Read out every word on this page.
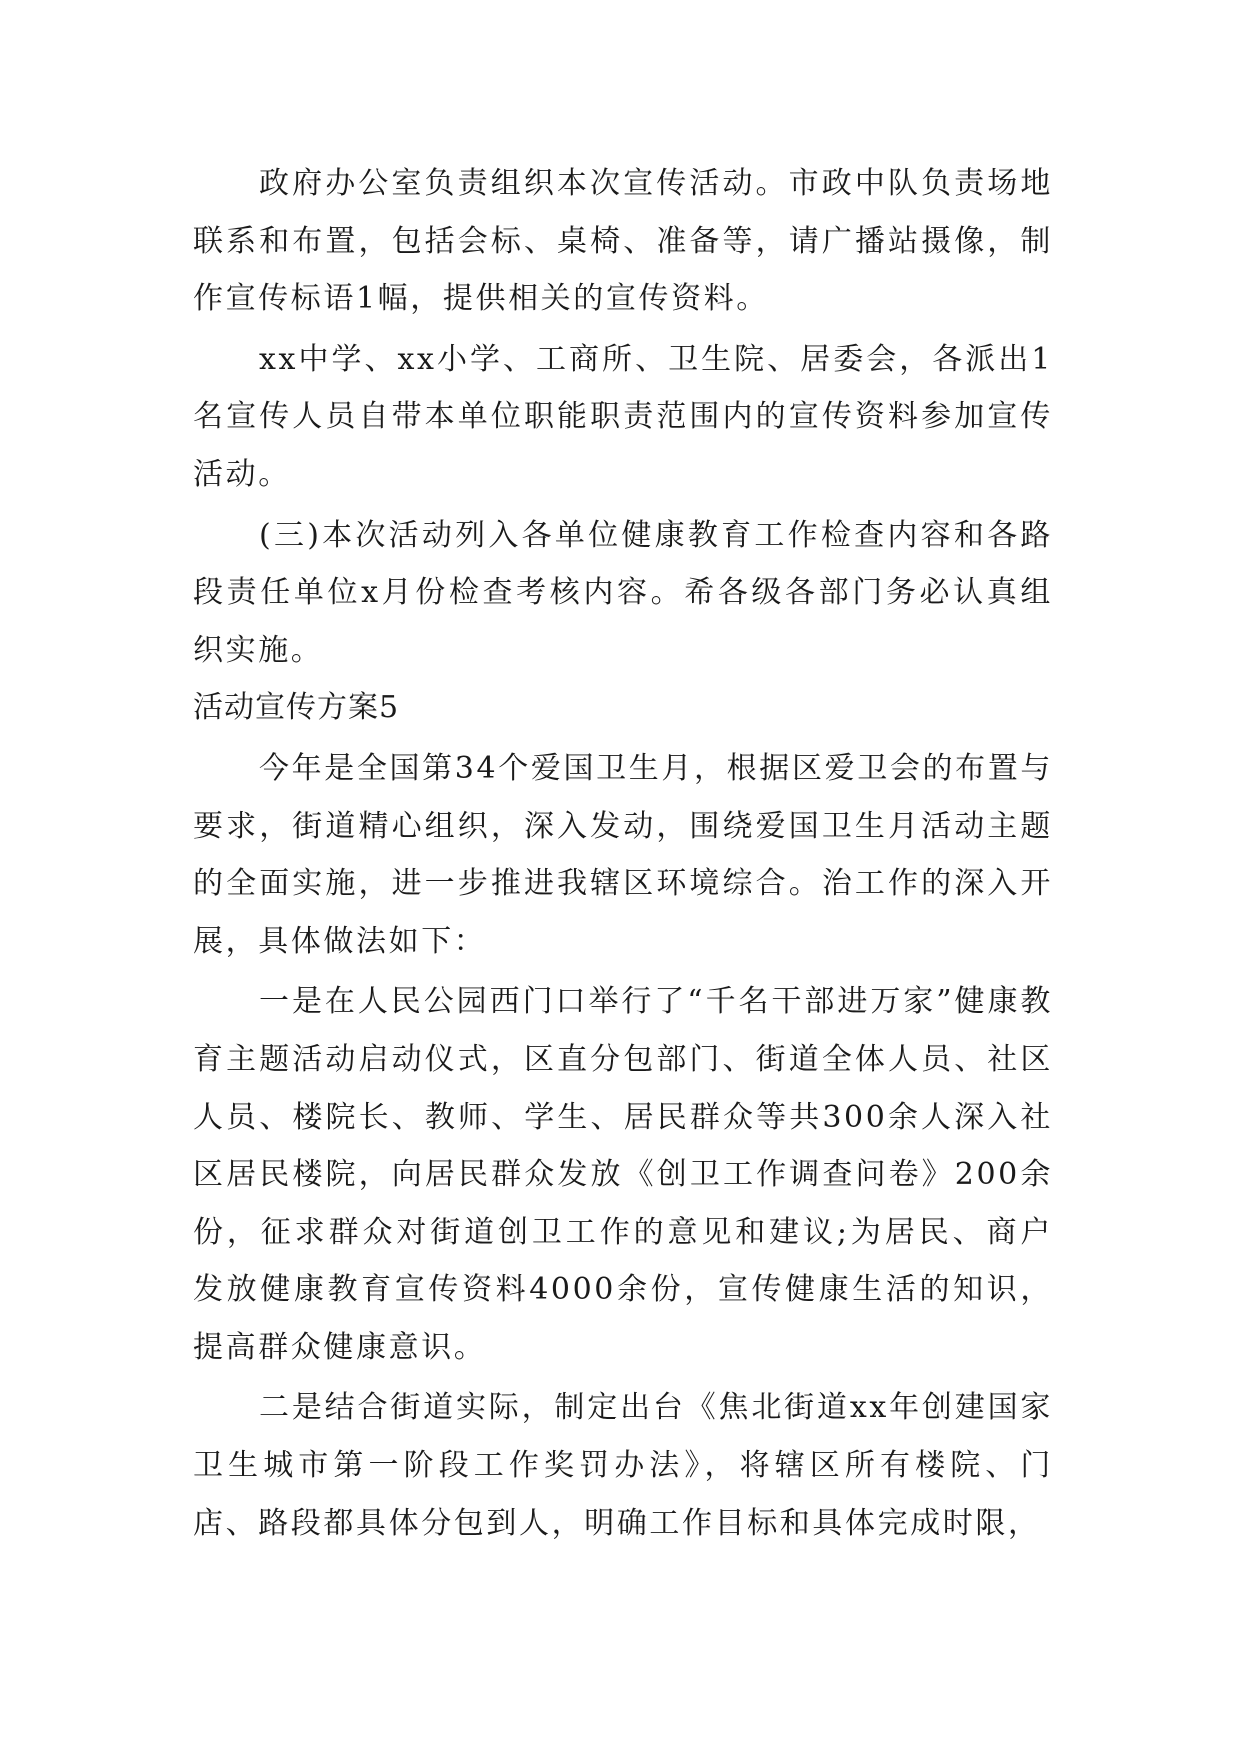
政府办公室负责组织本次宣传活动。市政中队负责场地联系和布置，包括会标、桌椅、准备等，请广播站摄像，制作宣传标语1幅，提供相关的宣传资料。

xx中学、xx小学、工商所、卫生院、居委会，各派出1名宣传人员自带本单位职能职责范围内的宣传资料参加宣传活动。

(三)本次活动列入各单位健康教育工作检查内容和各路段责任单位x月份检查考核内容。希各级各部门务必认真组织实施。

活动宣传方案5

今年是全国第34个爱国卫生月，根据区爱卫会的布置与要求，街道精心组织，深入发动，围绕爱国卫生月活动主题的全面实施，进一步推进我辖区环境综合。治工作的深入开展，具体做法如下：

一是在人民公园西门口举行了“千名干部进万家”健康教育主题活动启动仪式，区直分包部门、街道全体人员、社区人员、楼院长、教师、学生、居民群众等共300余人深入社区居民楼院，向居民群众发放《创卫工作调查问卷》200余份，征求群众对街道创卫工作的意见和建议;为居民、商户发放健康教育宣传资料4000余份，宣传健康生活的知识，提高群众健康意识。

二是结合街道实际，制定出台《焦北街道xx年创建国家卫生城市第一阶段工作奖罚办法》，将辖区所有楼院、门店、路段都具体分包到人，明确工作目标和具体完成时限，
